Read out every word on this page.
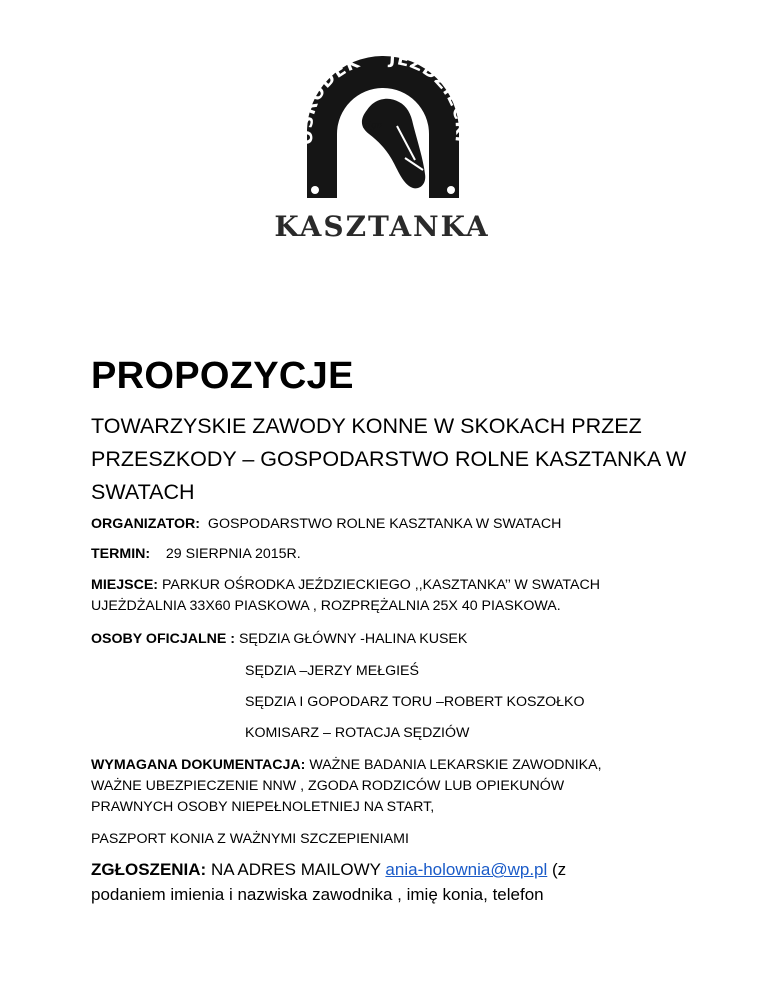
sign
OŚRODEK JEŹDZIECKI
KASZTANKA
PROPOZYCJE

TOWARZYSKIE ZAWODY KONNE W SKOKACH PRZEZ PRZESZKODY – GOSPODARSTWO ROLNE KASZTANKA W SWATACH

ORGANIZATOR: GOSPODARSTWO ROLNE KASZTANKA W SWATACH

TERMIN: 29 SIERPNIA 2015R.

MIEJSCE: PARKUR OŚRODKA JEŹDZIECKIEGO ,,KASZTANKA’’ W SWATACH

UJEŻDŻALNIA 33X60 PIASKOWA , ROZPRĘŻALNIA 25X 40 PIASKOWA.

OSOBY OFICJALNE : SĘDZIA GŁÓWNY -HALINA KUSEK

SĘDZIA –JERZY MEŁGIEŚ

SĘDZIA I GOPODARZ TORU –ROBERT KOSZOŁKO

KOMISARZ – ROTACJA SĘDZIÓW

WYMAGANA DOKUMENTACJA: WAŻNE BADANIA LEKARSKIE ZAWODNIKA,

WAŻNE UBEZPIECZENIE NNW , ZGODA RODZICÓW LUB OPIEKUNÓW

PRAWNYCH OSOBY NIEPEŁNOLETNIEJ NA START,

PASZPORT KONIA Z WAŻNYMI SZCZEPIENIAMI

ZGŁOSZENIA: NA ADRES MAILOWY ania-holownia@wp.pl (z

podaniem imienia i nazwiska zawodnika , imię konia, telefon
